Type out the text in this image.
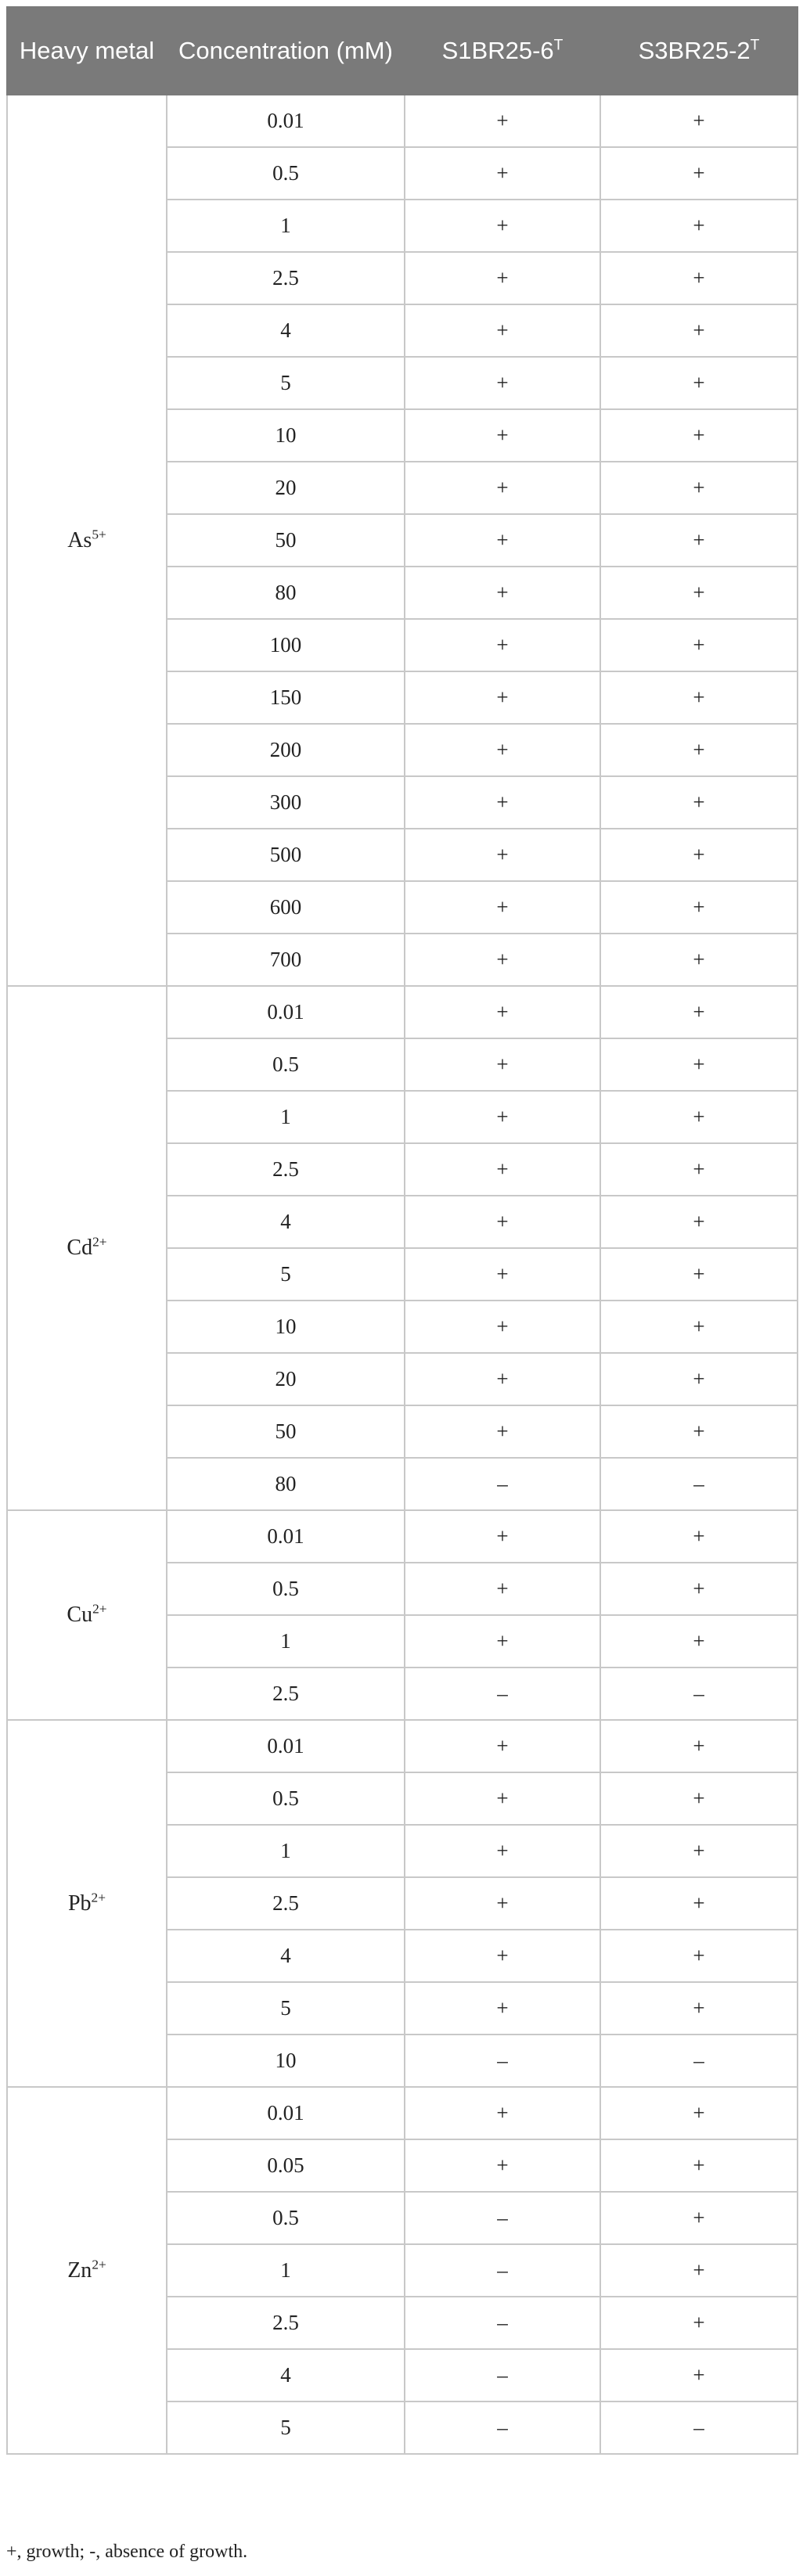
Heavy metal	Concentration (mM)	$S1BR25-6^T$	$S3BR25-2^T$
$As^{5+}$	0.01	+	+
	0.5	+	+
	1	+	+
	2.5	+	+
	4	+	+
	5	+	+
	10	+	+
	20	+	+
	50	+	+
	80	+	+
	100	+	+
	150	+	+
	200	+	+
	300	+	+
	500	+	+
	600	+	+
	700	+	+
$Cd^{2+}$	0.01	+	+
	0.5	+	+
	1	+	+
	2.5	+	+
	4	+	+
	5	+	+
	10	+	+
	20	+	+
	50	+	+
	80	–	–
$Cu^{2+}$	0.01	+	+
	0.5	+	+
	1	+	+
	2.5	–	–
$Pb^{2+}$	0.01	+	+
	0.5	+	+
	1	+	+
	2.5	+	+
	4	+	+
	5	+	+
	10	–	–
$Zn^{2+}$	0.01	+	+
	0.05	+	+
	0.5	–	+
	1	–	+
	2.5	–	+
	4	–	+
	5	–	–
+, growth; -, absence of growth.
